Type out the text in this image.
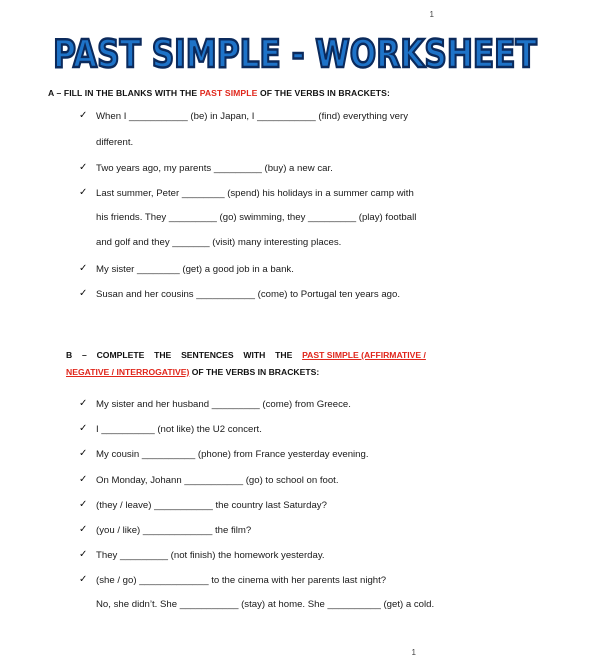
1
PAST SIMPLE - WORKSHEET
A – FILL IN THE BLANKS WITH THE PAST SIMPLE OF THE VERBS IN BRACKETS:
✓ When I ___________ (be) in Japan, I ___________ (find) everything very
different.
✓ Two years ago, my parents _________ (buy) a new car.
✓ Last summer, Peter ________ (spend) his holidays in a summer camp with
his friends. They _________ (go) swimming, they _________ (play) football
and golf and they _______ (visit) many interesting places.
✓ My sister ________ (get) a good job in a bank.
✓ Susan and her cousins ___________ (come) to Portugal ten years ago.
B – COMPLETE THE SENTENCES WITH THE PAST SIMPLE (AFFIRMATIVE /
NEGATIVE / INTERROGATIVE) OF THE VERBS IN BRACKETS:
✓ My sister and her husband _________ (come) from Greece.
✓ I __________ (not like) the U2 concert.
✓ My cousin __________ (phone) from France yesterday evening.
✓ On Monday, Johann ___________ (go) to school on foot.
✓ (they / leave) ___________ the country last Saturday?
✓ (you / like) _____________ the film?
✓ They _________ (not finish) the homework yesterday.
✓ (she / go) _____________ to the cinema with her parents last night?
No, she didn’t. She ___________ (stay) at home. She __________ (get) a cold.
1
